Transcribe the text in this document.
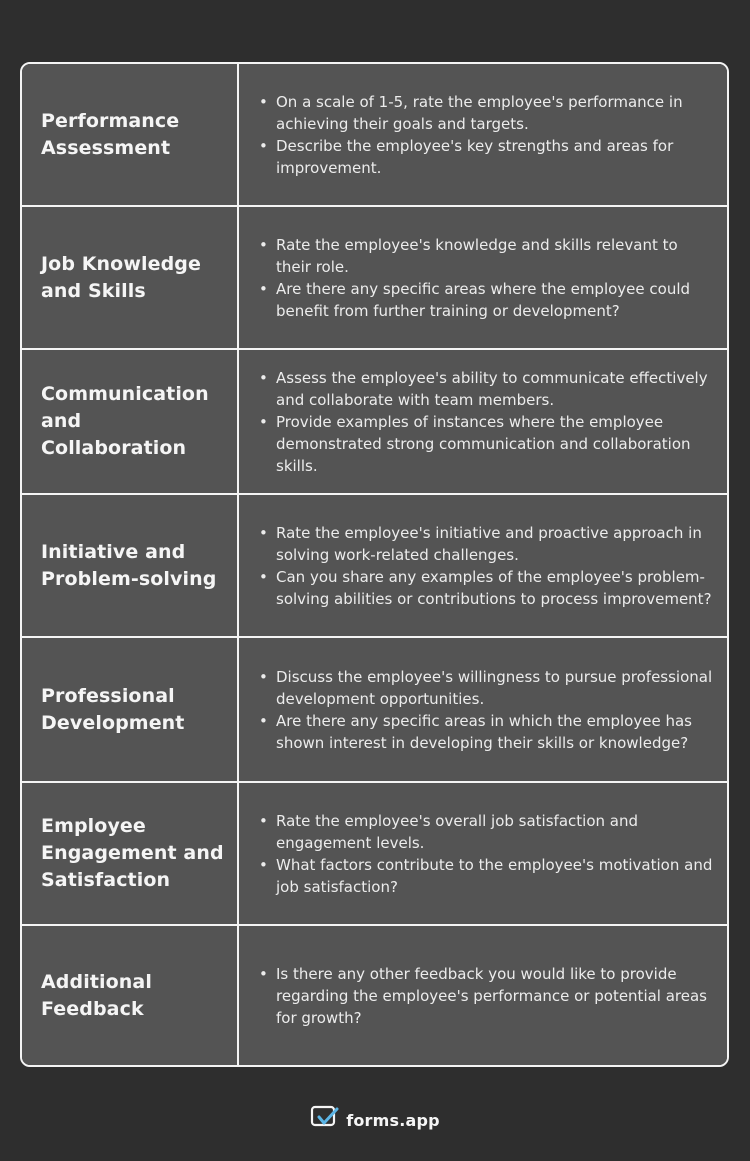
Performance Assessment
• On a scale of 1-5, rate the employee's performance in achieving their goals and targets.
• Describe the employee's key strengths and areas for improvement.
Job Knowledge and Skills
• Rate the employee's knowledge and skills relevant to their role.
• Are there any specific areas where the employee could benefit from further training or development?
Communication and Collaboration
• Assess the employee's ability to communicate effectively and collaborate with team members.
• Provide examples of instances where the employee demonstrated strong communication and collaboration skills.
Initiative and Problem-solving
• Rate the employee's initiative and proactive approach in solving work-related challenges.
• Can you share any examples of the employee's problem-solving abilities or contributions to process improvement?
Professional Development
• Discuss the employee's willingness to pursue professional development opportunities.
• Are there any specific areas in which the employee has shown interest in developing their skills or knowledge?
Employee Engagement and Satisfaction
• Rate the employee's overall job satisfaction and engagement levels.
• What factors contribute to the employee's motivation and job satisfaction?
Additional Feedback
• Is there any other feedback you would like to provide regarding the employee's performance or potential areas for growth?
forms.app
